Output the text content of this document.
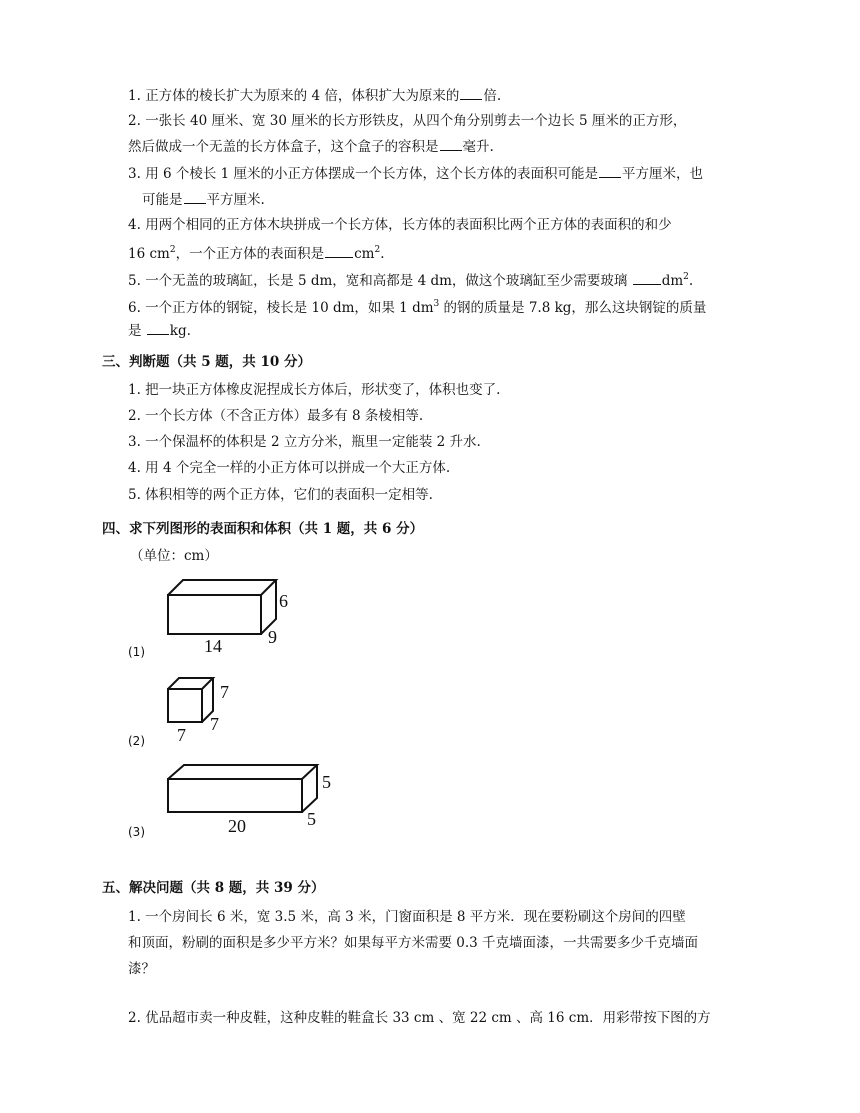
1. 正方体的棱长扩大为原来的 4 倍，体积扩大为原来的 倍.
2. 一张长 40 厘米、宽 30 厘米的长方形铁皮，从四个角分别剪去一个边长 5 厘米的正方形，
然后做成一个无盖的长方体盒子，这个盒子的容积是 毫升.
3. 用 6 个棱长 1 厘米的小正方体摆成一个长方体，这个长方体的表面积可能是 平方厘米，也
可能是 平方厘米.
4. 用两个相同的正方体木块拼成一个长方体，长方体的表面积比两个正方体的表面积的和少
16 $cm^2$，一个正方体的表面积是 $cm^2$.
5. 一个无盖的玻璃缸，长是 5 dm，宽和高都是 4 dm，做这个玻璃缸至少需要玻璃 $dm^2$.
6. 一个正方体的钢锭，棱长是 10 dm，如果 1 $dm^3$ 的钢的质量是 7.8 kg，那么这块钢锭的质量
是 kg.
三、判断题（共 5 题，共 10 分）
1. 把一块正方体橡皮泥捏成长方体后，形状变了，体积也变了.
2. 一个长方体（不含正方体）最多有 8 条棱相等.
3. 一个保温杯的体积是 2 立方分米，瓶里一定能装 2 升水.
4. 用 4 个完全一样的小正方体可以拼成一个大正方体.
5. 体积相等的两个正方体，它们的表面积一定相等.
四、求下列图形的表面积和体积（共 1 题，共 6 分）
（单位：cm）
14
6
9
(1)
7
7
7
(2)
20
5
5
(3)
五、解决问题（共 8 题，共 39 分）
1. 一个房间长 6 米，宽 3.5 米，高 3 米，门窗面积是 8 平方米．现在要粉刷这个房间的四壁
和顶面，粉刷的面积是多少平方米？如果每平方米需要 0.3 千克墙面漆，一共需要多少千克墙面
漆？
2. 优品超市卖一种皮鞋，这种皮鞋的鞋盒长 33 cm 、宽 22 cm 、高 16 cm．用彩带按下图的方
